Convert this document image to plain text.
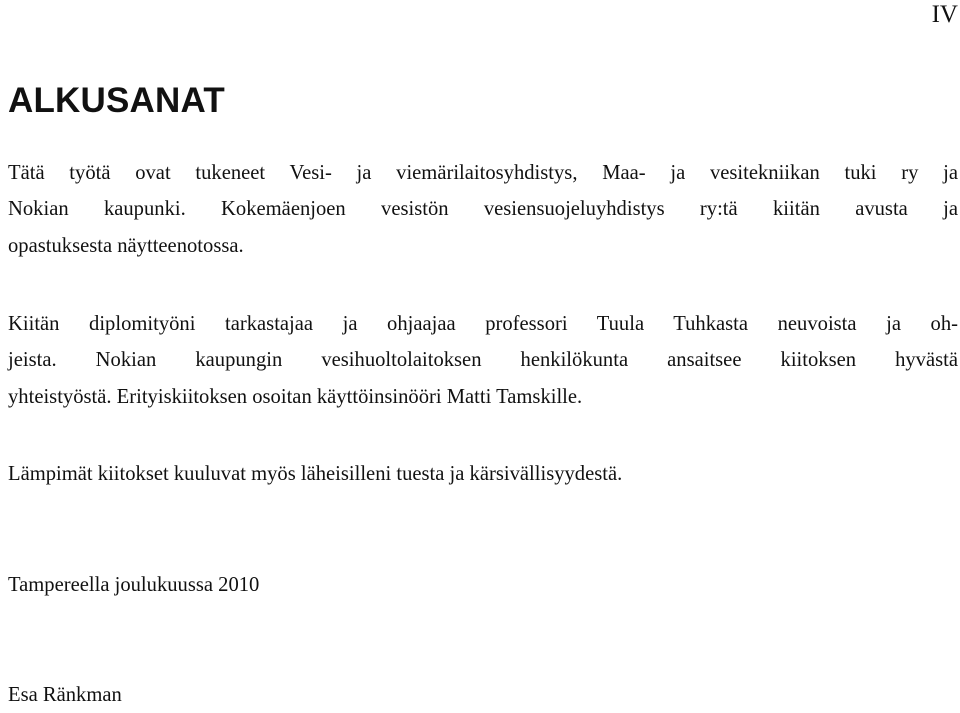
IV
ALKUSANAT
Tätä työtä ovat tukeneet Vesi- ja viemärilaitosyhdistys, Maa- ja vesitekniikan tuki ry ja
Nokian kaupunki. Kokemäenjoen vesistön vesiensuojeluyhdistys ry:tä kiitän avusta ja
opastuksesta näytteenotossa.
Kiitän diplomityöni tarkastajaa ja ohjaajaa professori Tuula Tuhkasta neuvoista ja oh-
jeista. Nokian kaupungin vesihuoltolaitoksen henkilökunta ansaitsee kiitoksen hyvästä
yhteistyöstä. Erityiskiitoksen osoitan käyttöinsinööri Matti Tamskille.

Lämpimät kiitokset kuuluvat myös läheisilleni tuesta ja kärsivällisyydestä.

Tampereella joulukuussa 2010

Esa Ränkman
